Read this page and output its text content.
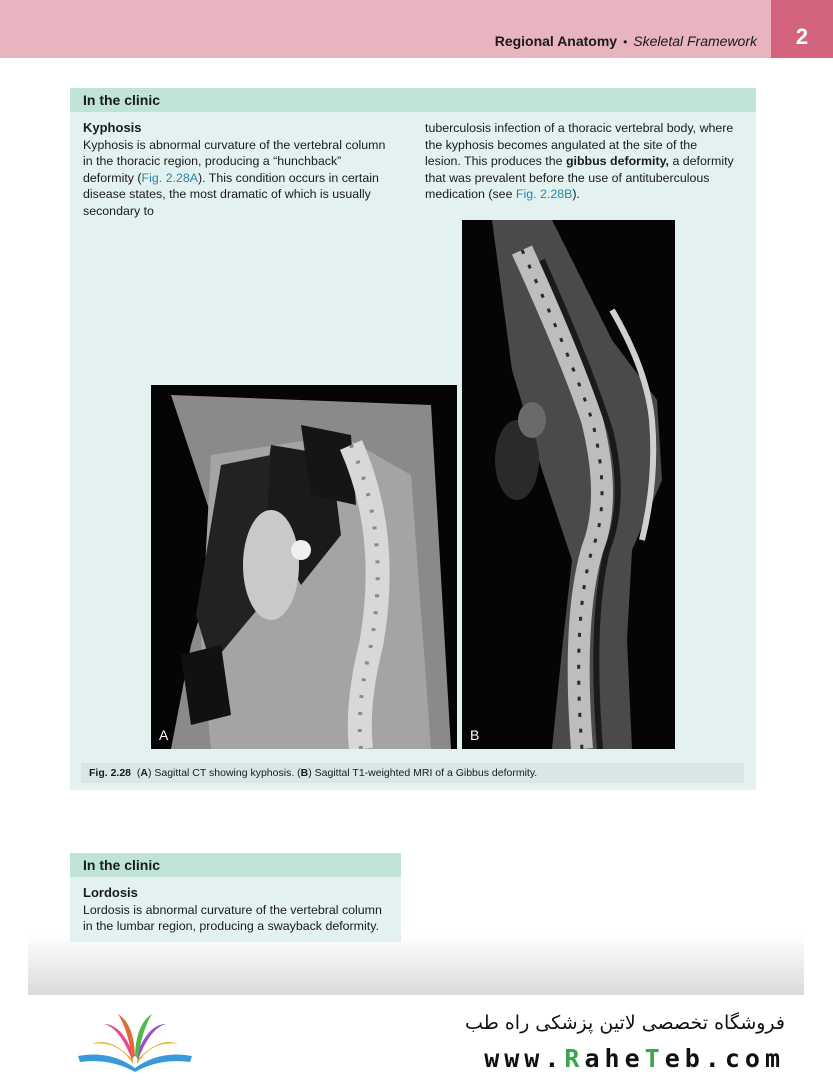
Regional Anatomy • Skeletal Framework	2
In the clinic
Kyphosis
Kyphosis is abnormal curvature of the vertebral column in the thoracic region, producing a “hunchback” deformity (Fig. 2.28A). This condition occurs in certain disease states, the most dramatic of which is usually secondary to
tuberculosis infection of a thoracic vertebral body, where the kyphosis becomes angulated at the site of the lesion. This produces the gibbus deformity, a deformity that was prevalent before the use of antituberculous medication (see Fig. 2.28B).
A	B
Fig. 2.28 (A) Sagittal CT showing kyphosis. (B) Sagittal T1-weighted MRI of a Gibbus deformity.
In the clinic
Lordosis
Lordosis is abnormal curvature of the vertebral column in the lumbar region, producing a swayback deformity.
فروشگاه تخصصی لاتین پزشکی راه طب
www.RaheTeb.com
